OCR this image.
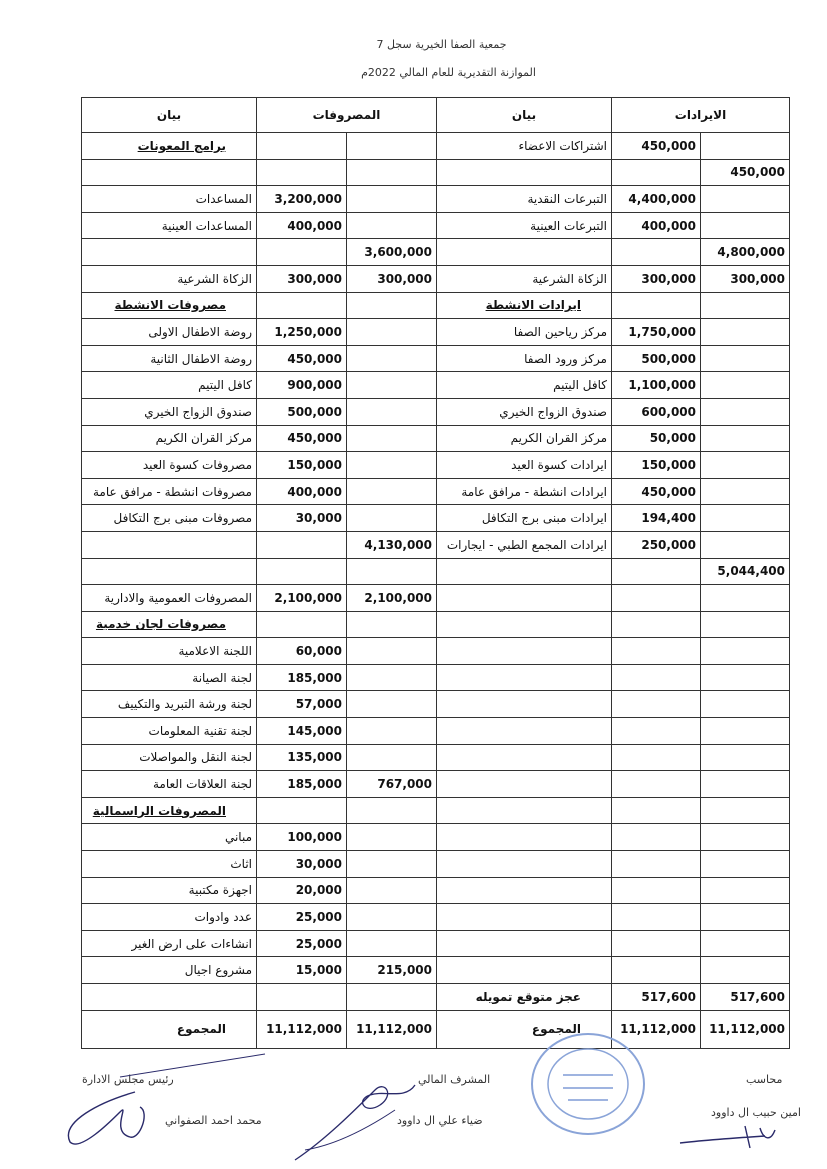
جمعية الصفا الخيرية سجل 7
الموازنة التقديرية للعام المالي 2022م
بيان	المصروفات		بيان	الايرادات	
برامج المعونات			اشتراكات الاعضاء	450,000	
					450,000
المساعدات	3,200,000		التبرعات النقدية	4,400,000	
المساعدات العينية	400,000		التبرعات العينية	400,000	
		3,600,000			4,800,000
الزكاة الشرعية	300,000	300,000	الزكاة الشرعية	300,000	300,000
مصروفات الانشطة			ايرادات الانشطة		
روضة الاطفال الاولى	1,250,000		مركز رياحين الصفا	1,750,000	
روضة الاطفال الثانية	450,000		مركز ورود الصفا	500,000	
كافل اليتيم	900,000		كافل اليتيم	1,100,000	
صندوق الزواج الخيري	500,000		صندوق الزواج الخيري	600,000	
مركز القران الكريم	450,000		مركز القران الكريم	50,000	
مصروفات كسوة العيد	150,000		ايرادات كسوة العيد	150,000	
مصروفات انشطة - مرافق عامة	400,000		ايرادات انشطة - مرافق عامة	450,000	
مصروفات مبنى برج التكافل	30,000		ايرادات مبنى برج التكافل	194,400	
		4,130,000	ايرادات المجمع الطبي - ايجارات	250,000	
					5,044,400
المصروفات العمومية والادارية	2,100,000	2,100,000			
مصروفات لجان خدمية					
اللجنة الاعلامية	60,000				
لجنة الصيانة	185,000				
لجنة ورشة التبريد والتكييف	57,000				
لجنة تقنية المعلومات	145,000				
لجنة النقل والمواصلات	135,000				
لجنة العلاقات العامة	185,000	767,000			
المصروفات الراسمالية					
مباني	100,000				
اثاث	30,000				
اجهزة مكتبية	20,000				
عدد وادوات	25,000				
انشاءات على ارض الغير	25,000				
مشروع اجيال	15,000	215,000			
			عجز متوقع تمويله	517,600	517,600
المجموع	11,112,000	11,112,000	المجموع	11,112,000	11,112,000
رئيس مجلس الادارة
محمد احمد الصفواني
المشرف المالي
ضياء علي ال داوود
محاسب
امين حبيب ال داوود
